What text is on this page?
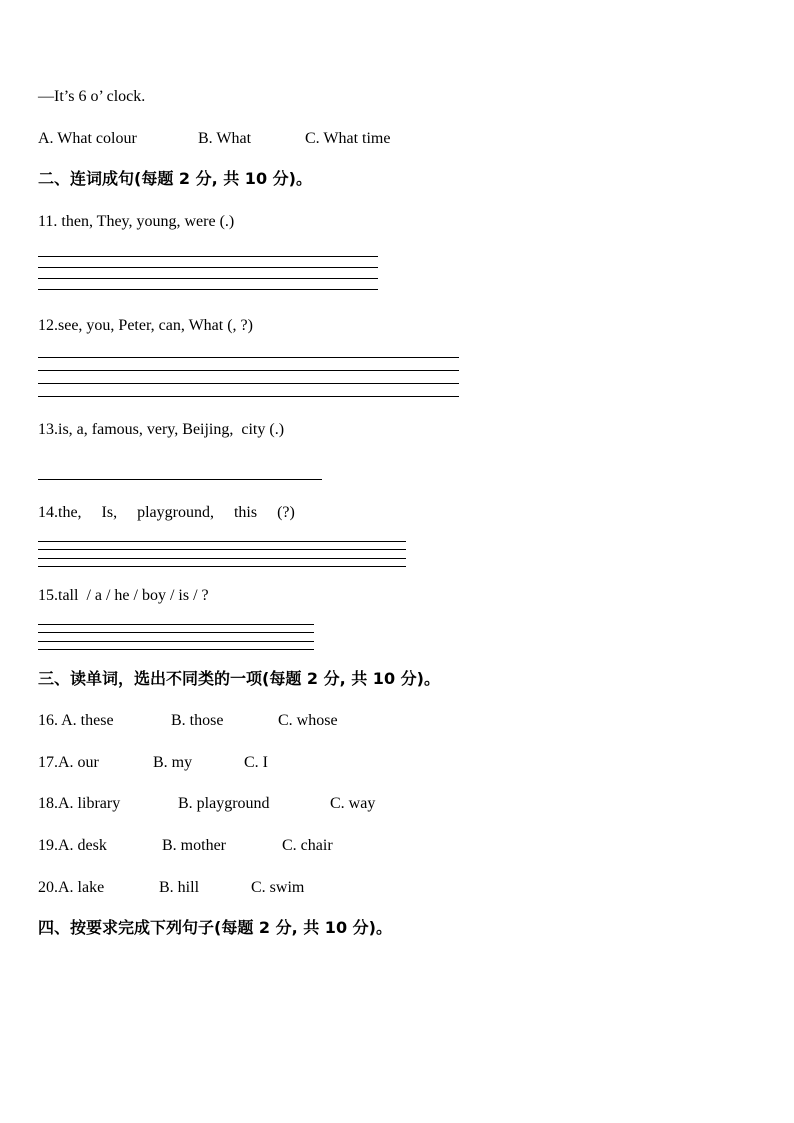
—It’s 6 o’ clock.
A. What colour	B. What	C. What time
二、连词成句(每题 2 分, 共 10 分)。
11. then, They, young, were (.)
12.see, you, Peter, can, What (, ?)
13.is, a, famous, very, Beijing,  city (.)
14.the,     Is,     playground,     this     (?)
15.tall  / a / he / boy / is / ?
三、读单词，选出不同类的一项(每题 2 分, 共 10 分)。
16. A. these	B. those	C. whose
17.A. our	B. my	C. I
18.A. library	B. playground	C. way
19.A. desk	B. mother	C. chair
20.A. lake	B. hill	C. swim
四、按要求完成下列句子(每题 2 分, 共 10 分)。
